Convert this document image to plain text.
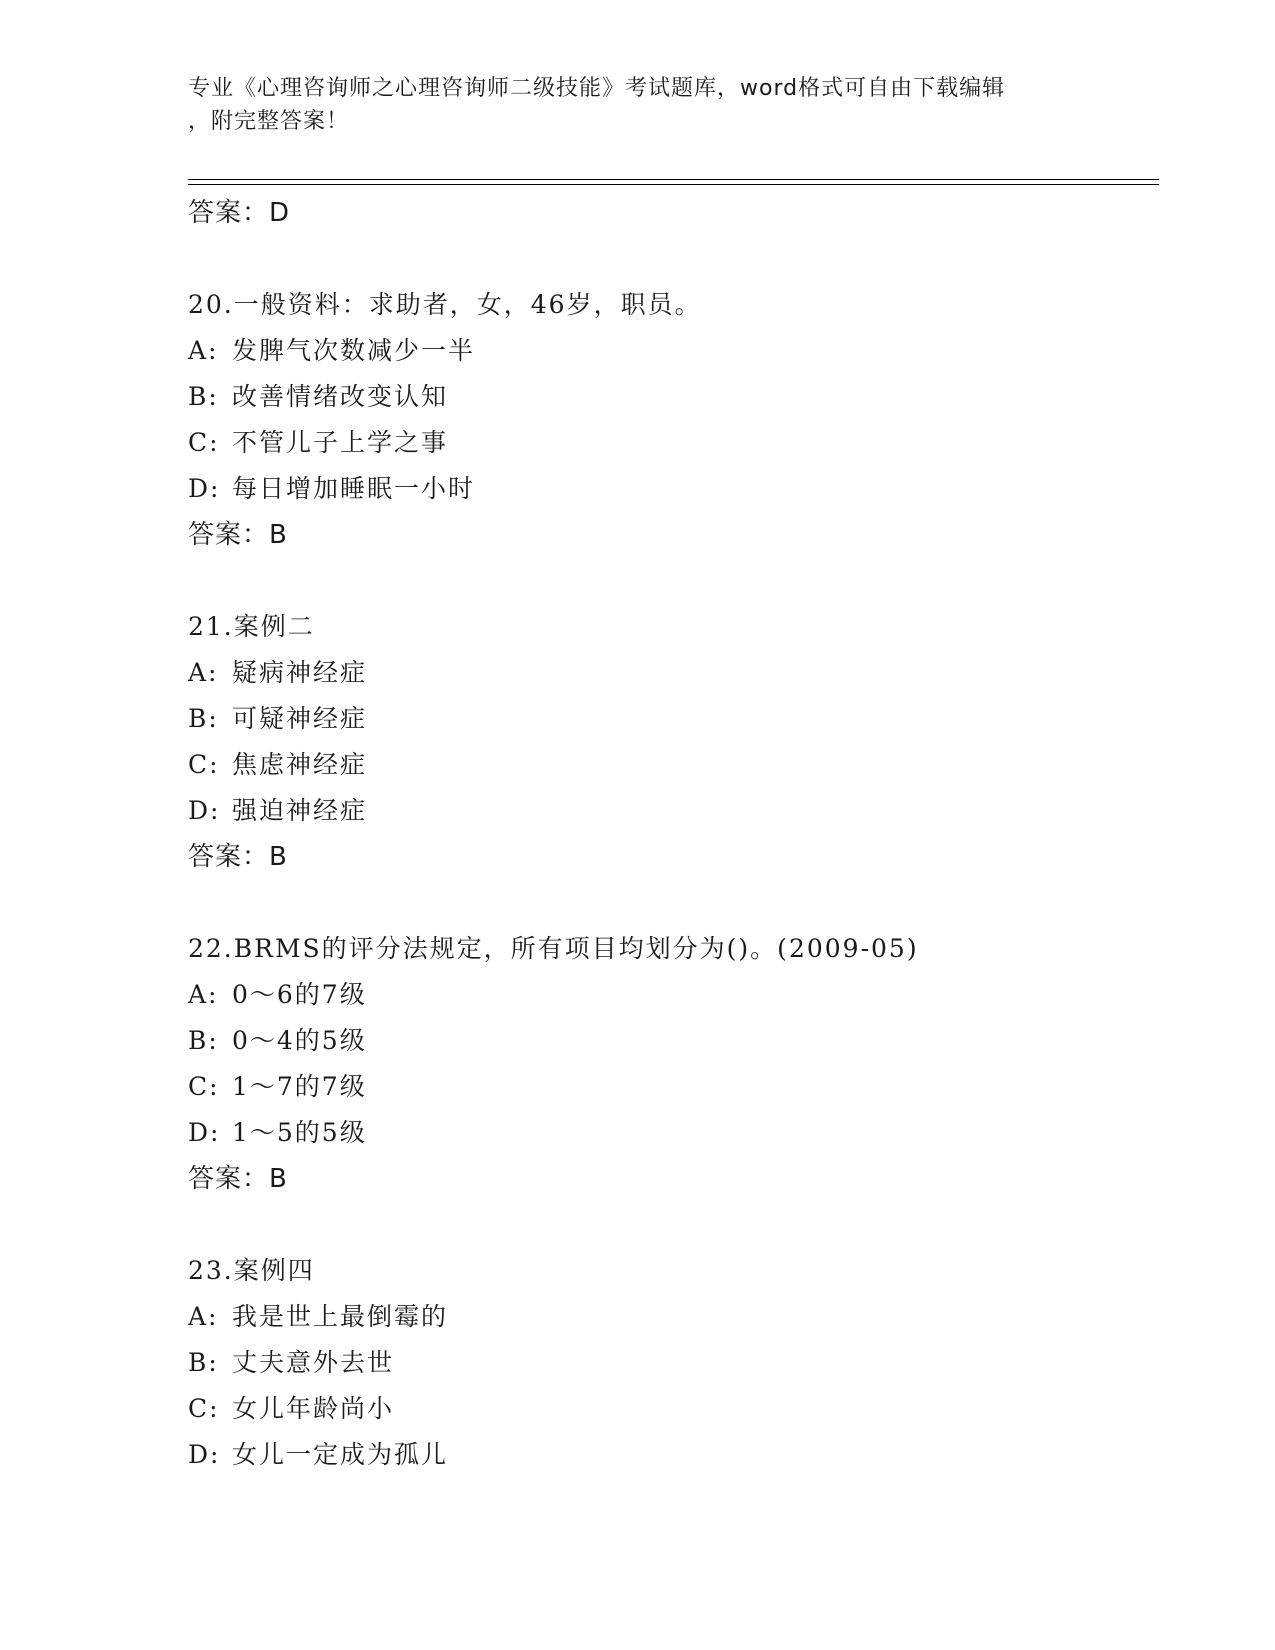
专业《心理咨询师之心理咨询师二级技能》考试题库，word格式可自由下载编辑

，附完整答案！
答案：D
20.一般资料：求助者，女，46岁，职员。
A: 发脾气次数减少一半
B: 改善情绪改变认知
C: 不管儿子上学之事
D: 每日增加睡眠一小时
答案：B
21.案例二
A: 疑病神经症
B: 可疑神经症
C: 焦虑神经症
D: 强迫神经症
答案：B
22.BRMS的评分法规定，所有项目均划分为()。(2009-05)
A: 0～6的7级
B: 0～4的5级
C: 1～7的7级
D: 1～5的5级
答案：B
23.案例四
A: 我是世上最倒霉的
B: 丈夫意外去世
C: 女儿年龄尚小
D: 女儿一定成为孤儿
